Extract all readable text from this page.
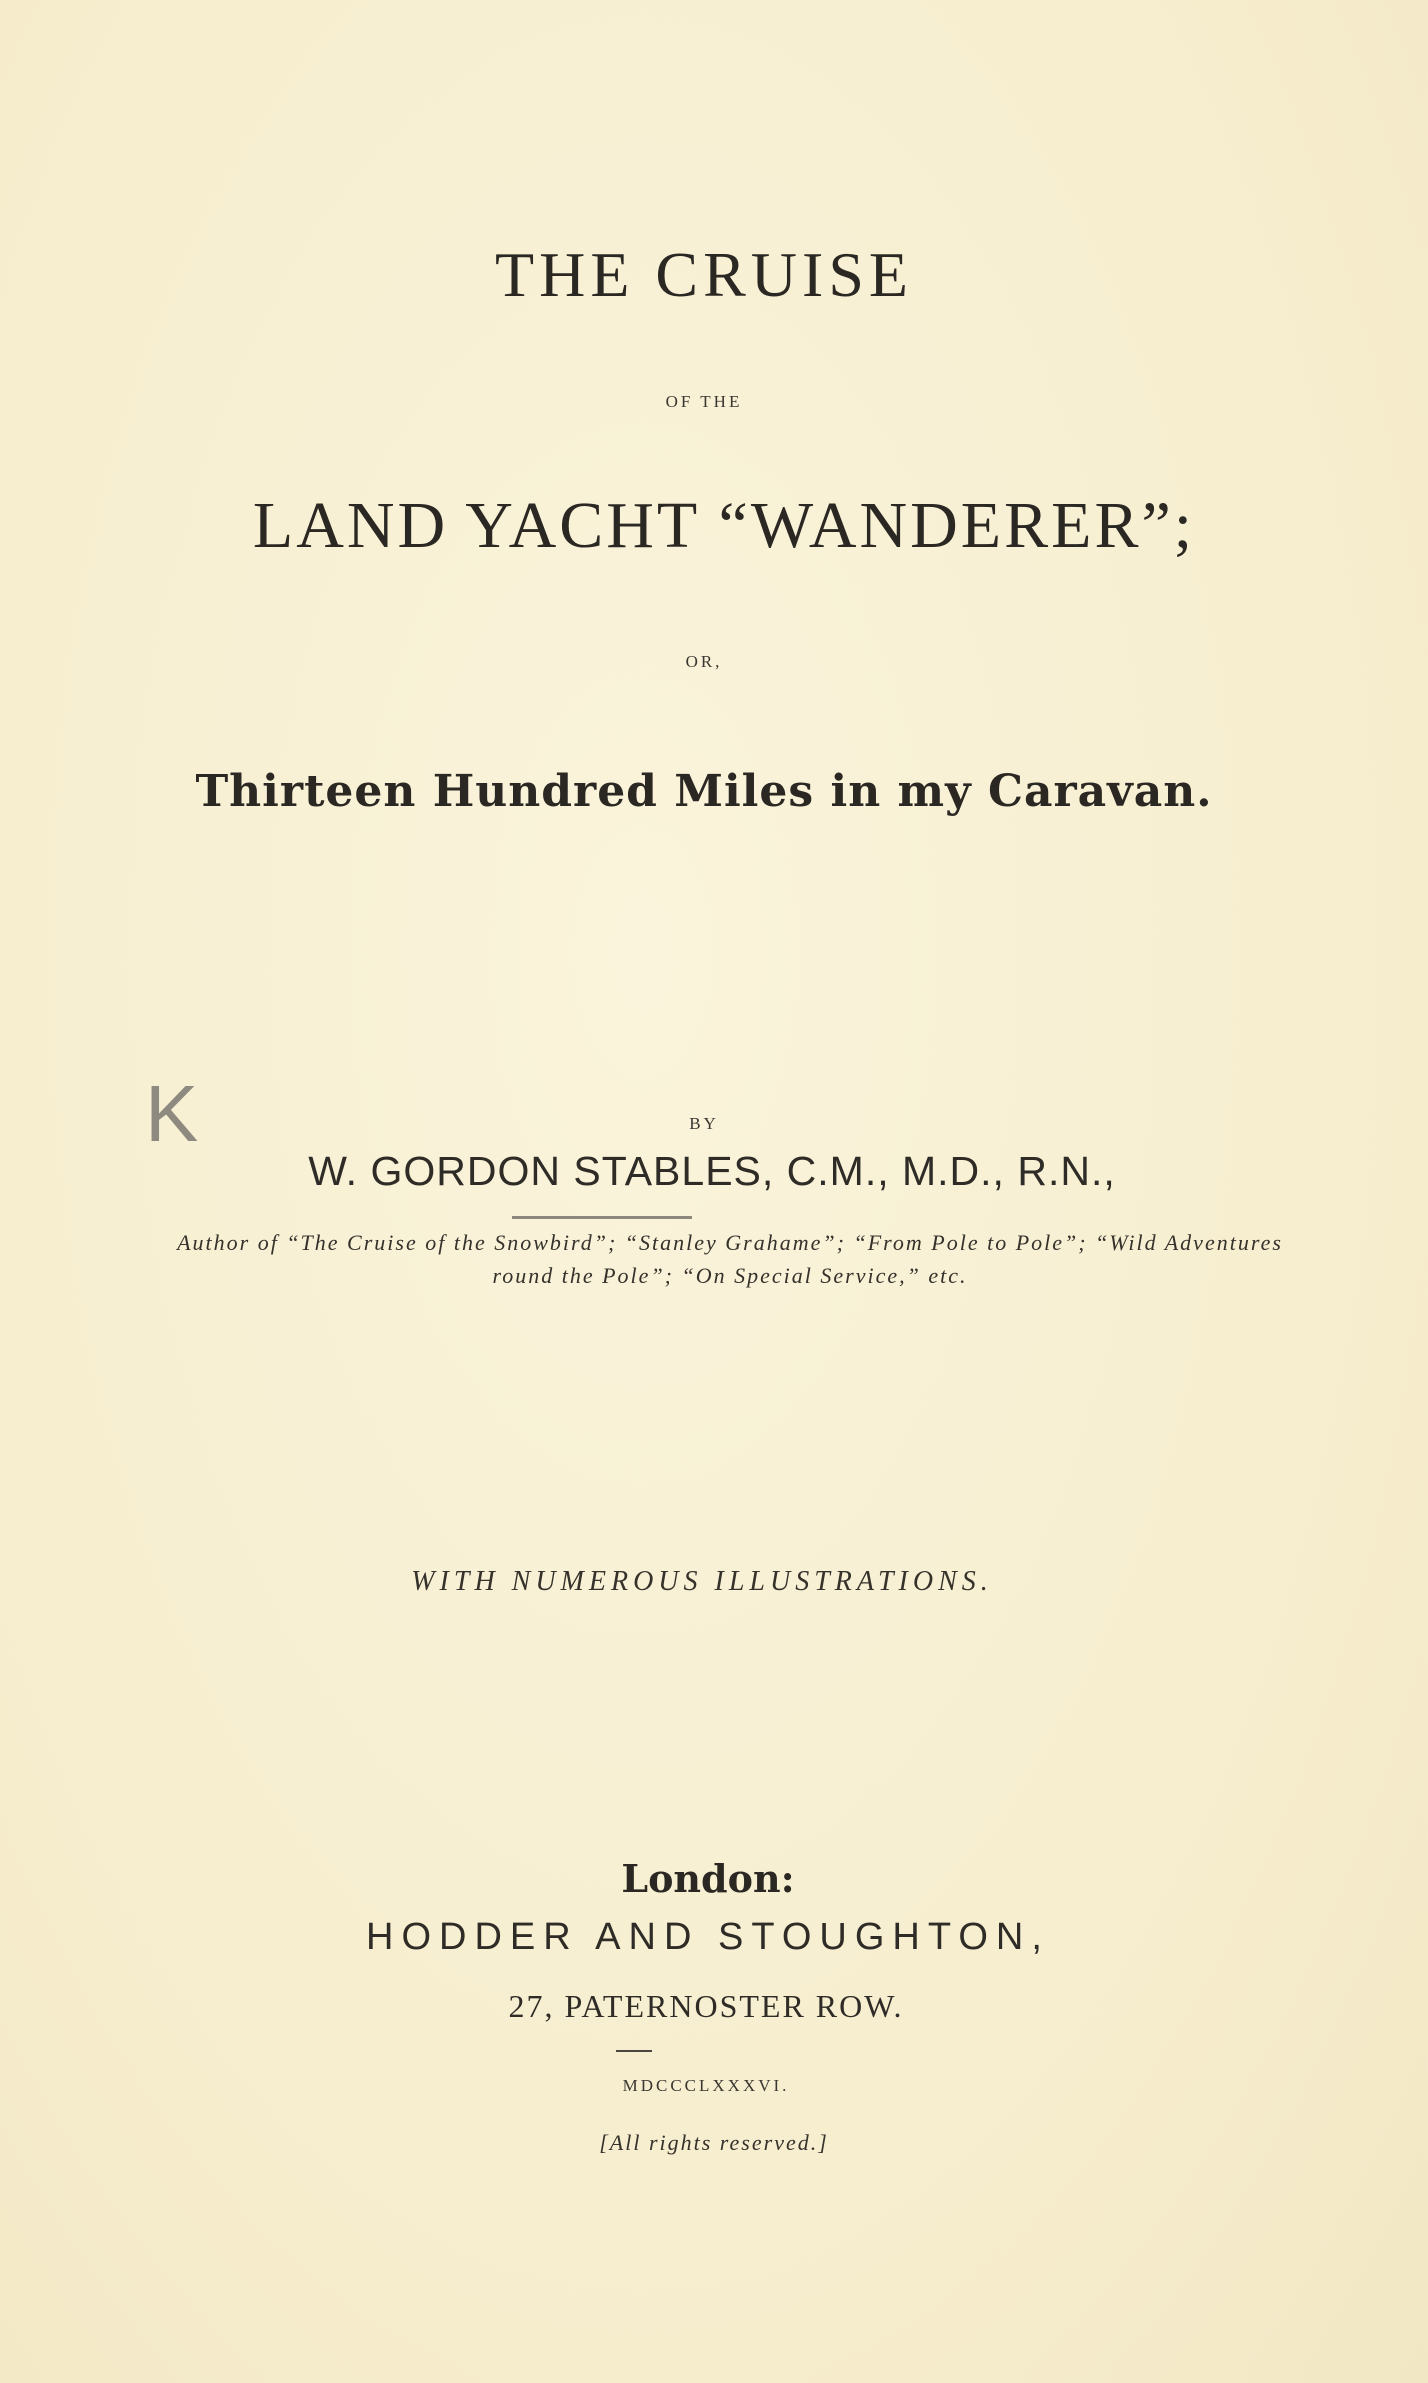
THE CRUISE
OF THE
LAND YACHT “WANDERER”;
OR,
Thirteen Hundred Miles in my Caravan.
K	BY
W. GORDON STABLES, C.M., M.D., R.N.,
Author of “The Cruise of the Snowbird”; “Stanley Grahame”; “From Pole to Pole”; “Wild Adventures round the Pole”; “On Special Service,” etc.
WITH NUMEROUS ILLUSTRATIONS.
London:
HODDER AND STOUGHTON,
27, PATERNOSTER ROW.
MDCCCLXXXVI.
[All rights reserved.]
